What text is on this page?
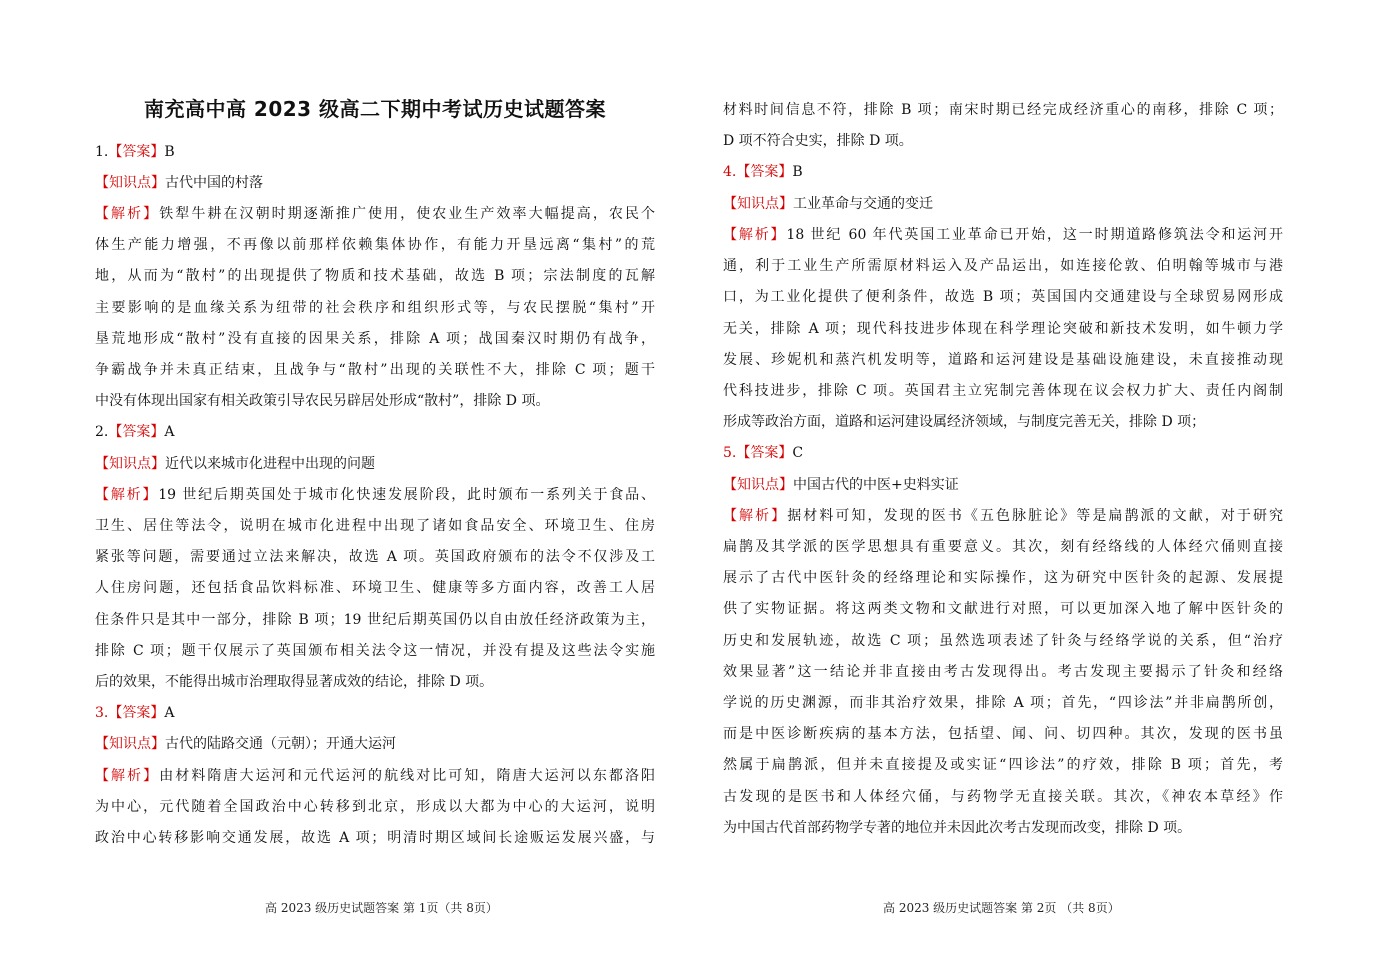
南充高中高 2023 级高二下期中考试历史试题答案
1.【答案】B
【知识点】古代中国的村落
【解析】铁犁牛耕在汉朝时期逐渐推广使用，使农业生产效率大幅提高，农民个
体生产能力增强，不再像以前那样依赖集体协作，有能力开垦远离“集村”的荒
地，从而为“散村”的出现提供了物质和技术基础，故选 B 项；宗法制度的瓦解
主要影响的是血缘关系为纽带的社会秩序和组织形式等，与农民摆脱“集村”开
垦荒地形成“散村”没有直接的因果关系，排除 A 项；战国秦汉时期仍有战争，
争霸战争并未真正结束，且战争与“散村”出现的关联性不大，排除 C 项；题干
中没有体现出国家有相关政策引导农民另辟居处形成“散村”，排除 D 项。
2.【答案】A
【知识点】近代以来城市化进程中出现的问题
【解析】19 世纪后期英国处于城市化快速发展阶段，此时颁布一系列关于食品、
卫生、居住等法令，说明在城市化进程中出现了诸如食品安全、环境卫生、住房
紧张等问题，需要通过立法来解决，故选 A 项。英国政府颁布的法令不仅涉及工
人住房问题，还包括食品饮料标准、环境卫生、健康等多方面内容，改善工人居
住条件只是其中一部分，排除 B 项；19 世纪后期英国仍以自由放任经济政策为主，
排除 C 项；题干仅展示了英国颁布相关法令这一情况，并没有提及这些法令实施
后的效果，不能得出城市治理取得显著成效的结论，排除 D 项。
3.【答案】A
【知识点】古代的陆路交通（元朝）；开通大运河
【解析】由材料隋唐大运河和元代运河的航线对比可知，隋唐大运河以东都洛阳
为中心，元代随着全国政治中心转移到北京，形成以大都为中心的大运河，说明
政治中心转移影响交通发展，故选 A 项；明清时期区域间长途贩运发展兴盛，与
材料时间信息不符，排除 B 项；南宋时期已经完成经济重心的南移，排除 C 项；
D 项不符合史实，排除 D 项。
4.【答案】B
【知识点】工业革命与交通的变迁
【解析】18 世纪 60 年代英国工业革命已开始，这一时期道路修筑法令和运河开
通，利于工业生产所需原材料运入及产品运出，如连接伦敦、伯明翰等城市与港
口，为工业化提供了便利条件，故选 B 项；英国国内交通建设与全球贸易网形成
无关，排除 A 项；现代科技进步体现在科学理论突破和新技术发明，如牛顿力学
发展、珍妮机和蒸汽机发明等，道路和运河建设是基础设施建设，未直接推动现
代科技进步，排除 C 项。英国君主立宪制完善体现在议会权力扩大、责任内阁制
形成等政治方面，道路和运河建设属经济领域，与制度完善无关，排除 D 项；
5.【答案】C
【知识点】中国古代的中医+史料实证
【解析】据材料可知，发现的医书《五色脉脏论》等是扁鹊派的文献，对于研究
扁鹊及其学派的医学思想具有重要意义。其次，刻有经络线的人体经穴俑则直接
展示了古代中医针灸的经络理论和实际操作，这为研究中医针灸的起源、发展提
供了实物证据。将这两类文物和文献进行对照，可以更加深入地了解中医针灸的
历史和发展轨迹，故选 C 项；虽然选项表述了针灸与经络学说的关系，但“治疗
效果显著”这一结论并非直接由考古发现得出。考古发现主要揭示了针灸和经络
学说的历史渊源，而非其治疗效果，排除 A 项；首先，“四诊法”并非扁鹊所创，
而是中医诊断疾病的基本方法，包括望、闻、问、切四种。其次，发现的医书虽
然属于扁鹊派，但并未直接提及或实证“四诊法”的疗效，排除 B 项；首先，考
古发现的是医书和人体经穴俑，与药物学无直接关联。其次，《神农本草经》作
为中国古代首部药物学专著的地位并未因此次考古发现而改变，排除 D 项。
高 2023 级历史试题答案 第 1页（共 8页）	高 2023 级历史试题答案 第 2页 （共 8页）
